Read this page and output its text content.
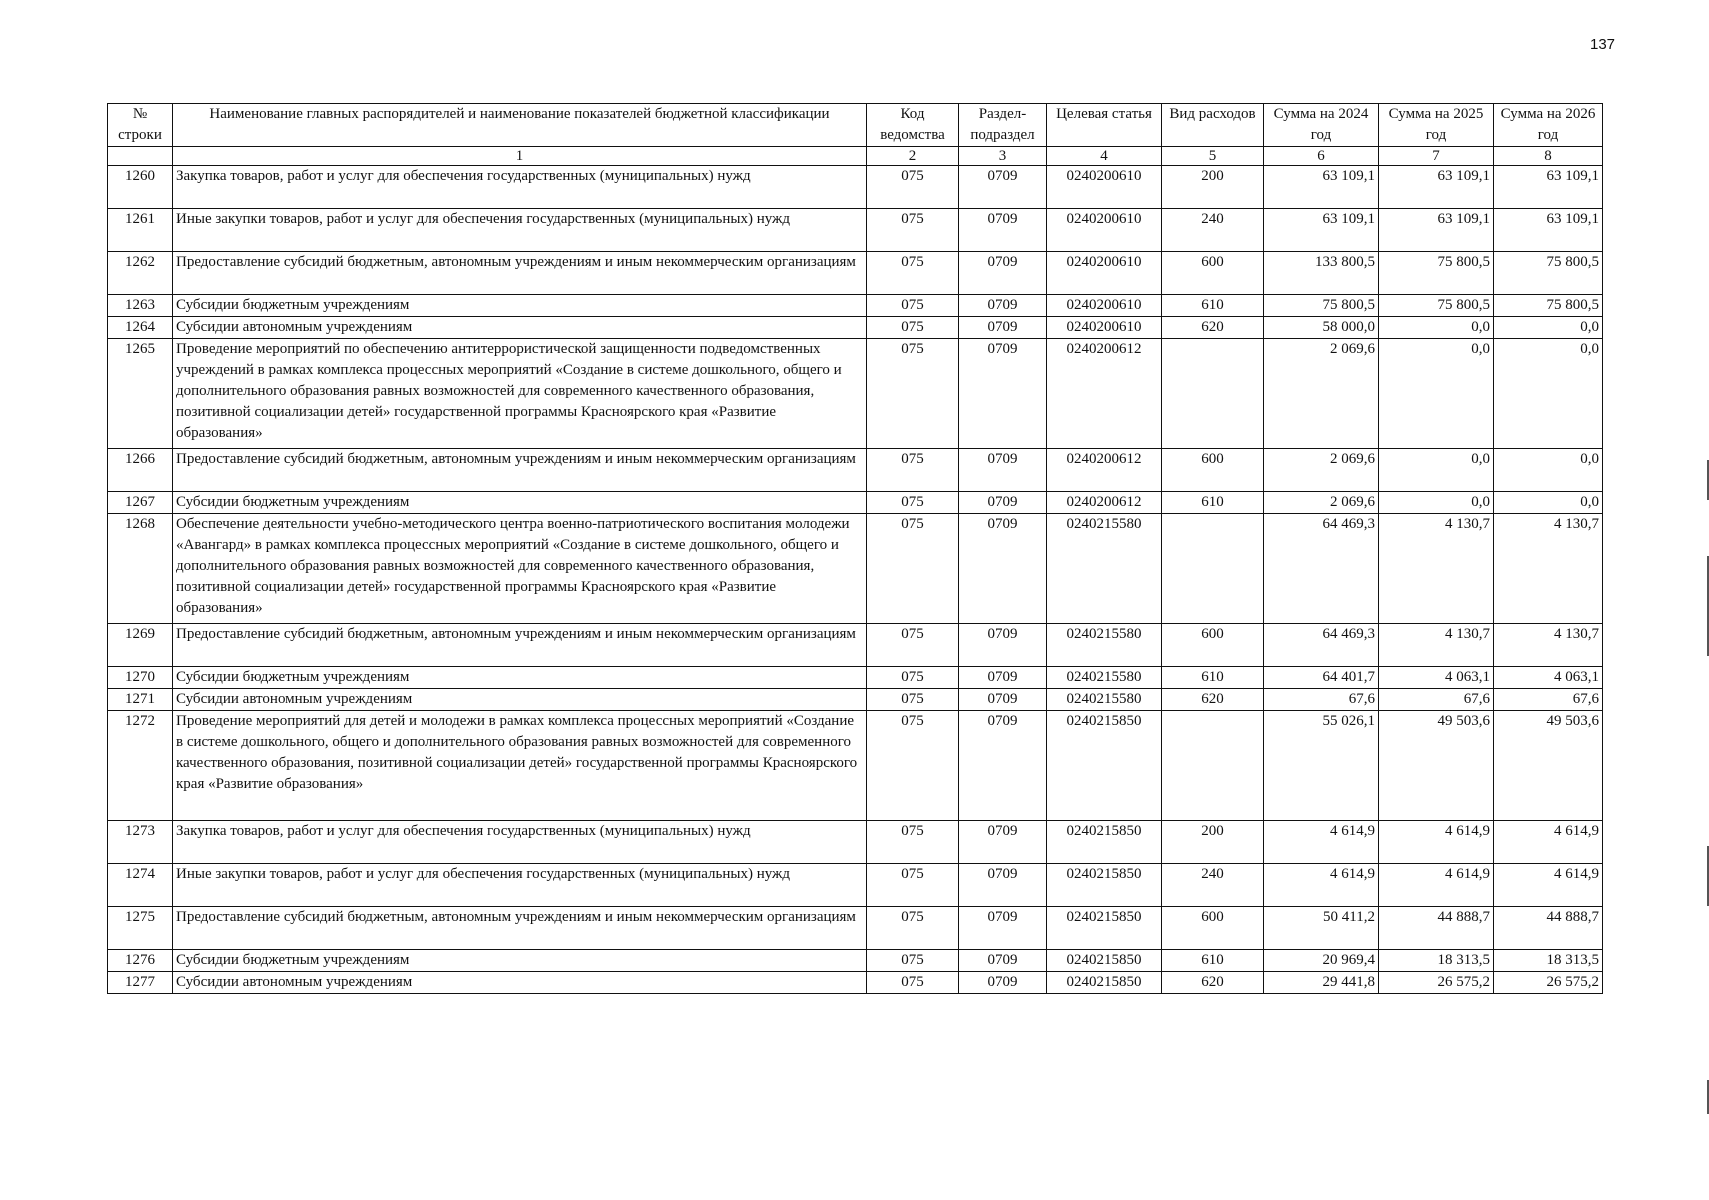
137
№ строки	Наименование главных распорядителей и наименование показателей бюджетной классификации	Код ведомства	Раздел-подраздел	Целевая статья	Вид расходов	Сумма на 2024 год	Сумма на 2025 год	Сумма на 2026 год
	1	2	3	4	5	6	7	8
1260	Закупка товаров, работ и услуг для обеспечения государственных (муниципальных) нужд	075	0709	0240200610	200	63 109,1	63 109,1	63 109,1
1261	Иные закупки товаров, работ и услуг для обеспечения государственных (муниципальных) нужд	075	0709	0240200610	240	63 109,1	63 109,1	63 109,1
1262	Предоставление субсидий бюджетным, автономным учреждениям и иным некоммерческим организациям	075	0709	0240200610	600	133 800,5	75 800,5	75 800,5
1263	Субсидии бюджетным учреждениям	075	0709	0240200610	610	75 800,5	75 800,5	75 800,5
1264	Субсидии автономным учреждениям	075	0709	0240200610	620	58 000,0	0,0	0,0
1265	Проведение мероприятий по обеспечению антитеррористической защищенности подведомственных учреждений в рамках комплекса процессных мероприятий «Создание в системе дошкольного, общего и дополнительного образования равных возможностей для современного качественного образования, позитивной социализации детей» государственной программы Красноярского края «Развитие образования»	075	0709	0240200612		2 069,6	0,0	0,0
1266	Предоставление субсидий бюджетным, автономным учреждениям и иным некоммерческим организациям	075	0709	0240200612	600	2 069,6	0,0	0,0
1267	Субсидии бюджетным учреждениям	075	0709	0240200612	610	2 069,6	0,0	0,0
1268	Обеспечение деятельности учебно-методического центра военно-патриотического воспитания молодежи «Авангард» в рамках комплекса процессных мероприятий «Создание в системе дошкольного, общего и дополнительного образования равных возможностей для современного качественного образования, позитивной социализации детей» государственной программы Красноярского края «Развитие образования»	075	0709	0240215580		64 469,3	4 130,7	4 130,7
1269	Предоставление субсидий бюджетным, автономным учреждениям и иным некоммерческим организациям	075	0709	0240215580	600	64 469,3	4 130,7	4 130,7
1270	Субсидии бюджетным учреждениям	075	0709	0240215580	610	64 401,7	4 063,1	4 063,1
1271	Субсидии автономным учреждениям	075	0709	0240215580	620	67,6	67,6	67,6
1272	Проведение мероприятий для детей и молодежи в рамках комплекса процессных мероприятий «Создание в системе дошкольного, общего и дополнительного образования равных возможностей для современного качественного образования, позитивной социализации детей» государственной программы Красноярского края «Развитие образования»	075	0709	0240215850		55 026,1	49 503,6	49 503,6
1273	Закупка товаров, работ и услуг для обеспечения государственных (муниципальных) нужд	075	0709	0240215850	200	4 614,9	4 614,9	4 614,9
1274	Иные закупки товаров, работ и услуг для обеспечения государственных (муниципальных) нужд	075	0709	0240215850	240	4 614,9	4 614,9	4 614,9
1275	Предоставление субсидий бюджетным, автономным учреждениям и иным некоммерческим организациям	075	0709	0240215850	600	50 411,2	44 888,7	44 888,7
1276	Субсидии бюджетным учреждениям	075	0709	0240215850	610	20 969,4	18 313,5	18 313,5
1277	Субсидии автономным учреждениям	075	0709	0240215850	620	29 441,8	26 575,2	26 575,2
